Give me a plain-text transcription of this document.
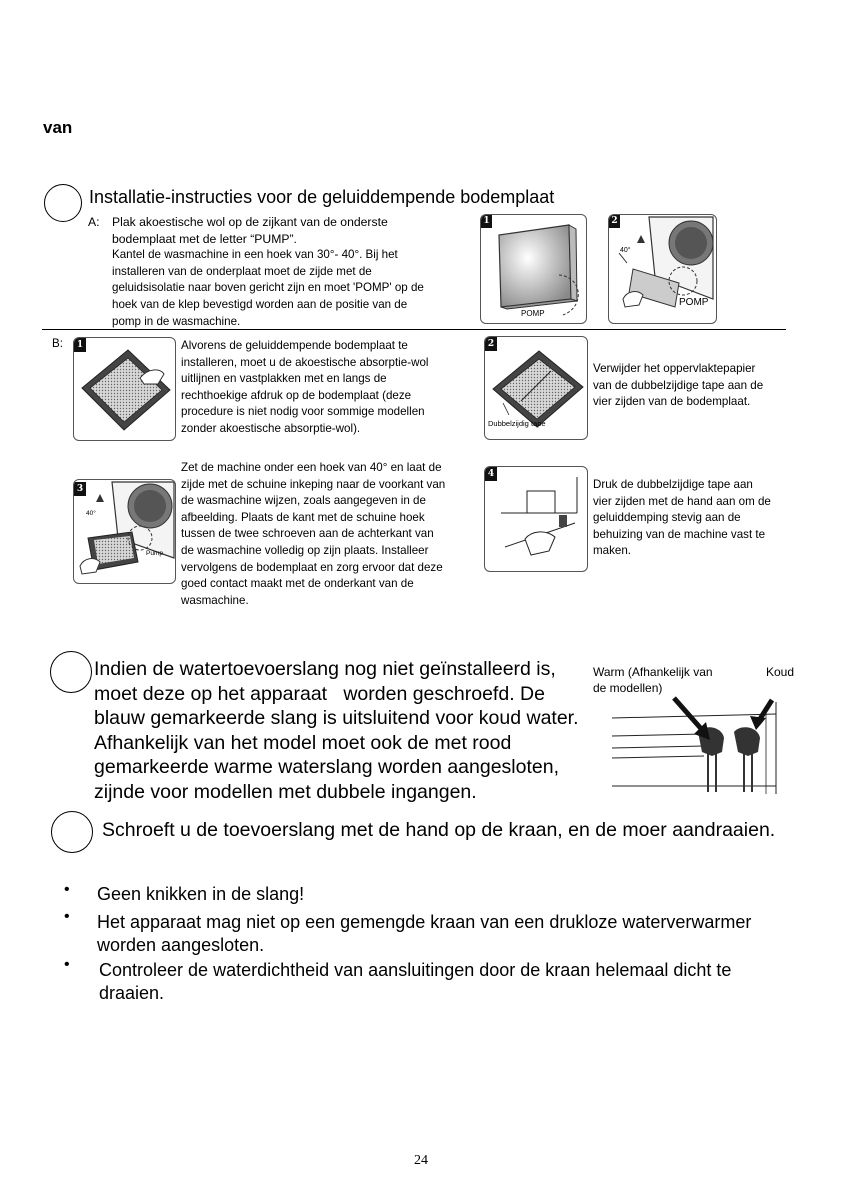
van
Installatie-instructies voor de geluiddempende bodemplaat
A: Plak akoestische wol op de zijkant van de onderste
bodemplaat met de letter “PUMP”.
Kantel de wasmachine in een hoek van 30°- 40°. Bij het
installeren van de onderplaat moet de zijde met de
geluidsisolatie naar boven gericht zijn en moet 'POMP' op de
hoek van de klep bevestigd worden aan de positie van de
pomp in de wasmachine.
1
POMP
2
40°
POMP
B:	1	Alvorens de geluiddempende bodemplaat te
installeren, moet u de akoestische absorptie-wol
uitlijnen en vastplakken met en langs de
rechthoekige afdruk op de bodemplaat (deze
procedure is niet nodig voor sommige modellen
zonder akoestische absorptie-wol).
2
Dubbelzijdig tape
Verwijder het oppervlaktepapier
van de dubbelzijdige tape aan de
vier zijden van de bodemplaat.
3
40°
Pump
Zet de machine onder een hoek van 40° en laat de
zijde met de schuine inkeping naar de voorkant van
de wasmachine wijzen, zoals aangegeven in de
afbeelding. Plaats de kant met de schuine hoek
tussen de twee schroeven aan de achterkant van
de wasmachine volledig op zijn plaats. Installeer
vervolgens de bodemplaat en zorg ervoor dat deze
goed contact maakt met de onderkant van de
wasmachine.
4
Druk de dubbelzijdige tape aan
vier zijden met de hand aan om de
geluiddemping stevig aan de
behuizing van de machine vast te
maken.
Indien de watertoevoerslang nog niet geïnstalleerd is,
moet deze op het apparaat   worden geschroefd. De
blauw gemarkeerde slang is uitsluitend voor koud water.
Afhankelijk van het model moet ook de met rood
gemarkeerde warme waterslang worden aangesloten,
zijnde voor modellen met dubbele ingangen.
Warm (Afhankelijk van
de modellen)
Koud
Schroeft u de toevoerslang met de hand op de kraan, en de moer aandraaien.
• Geen knikken in de slang!
• Het apparaat mag niet op een gemengde kraan van een drukloze waterverwarmer
worden aangesloten.
• Controleer de waterdichtheid van aansluitingen door de kraan helemaal dicht te
draaien.
24
